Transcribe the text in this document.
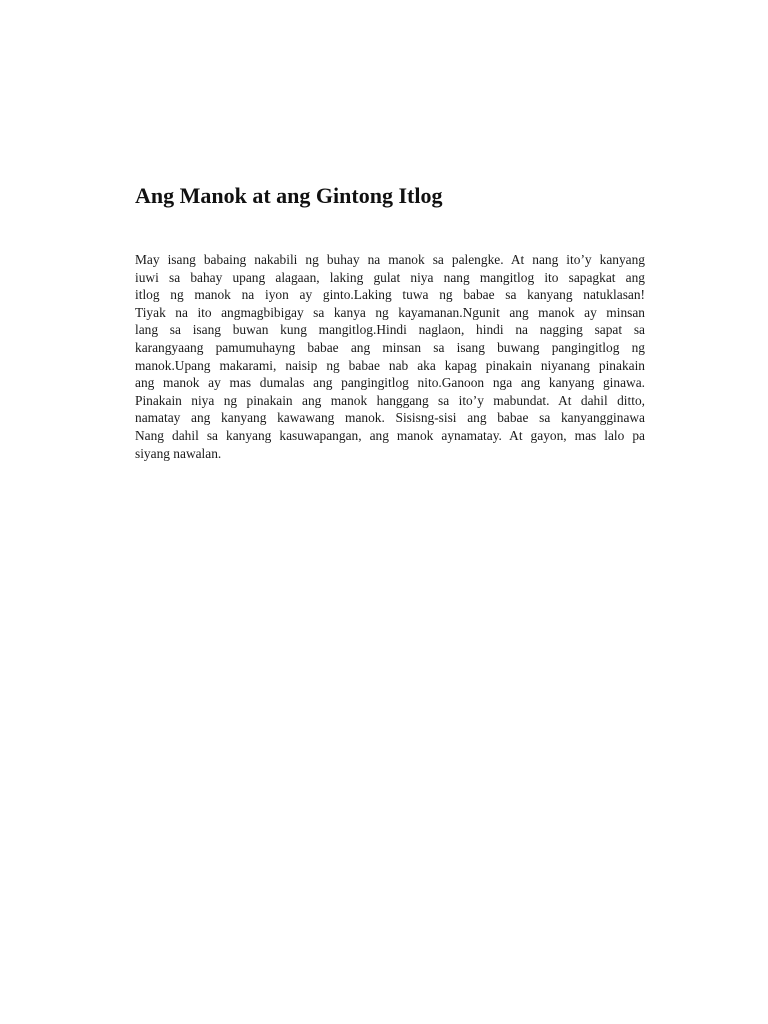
Ang Manok at ang Gintong Itlog
May isang babaing nakabili ng buhay na manok sa palengke. At nang ito’y kanyang
iuwi sa bahay upang alagaan, laking gulat niya nang mangitlog ito sapagkat ang
itlog ng manok na iyon ay ginto.Laking tuwa ng babae sa kanyang natuklasan!
Tiyak na ito angmagbibigay sa kanya ng kayamanan.Ngunit ang manok ay minsan
lang sa isang buwan kung mangitlog.Hindi naglaon, hindi na nagging sapat sa
karangyaang pamumuhayng babae ang minsan sa isang buwang pangingitlog ng
manok.Upang makarami, naisip ng babae nab aka kapag pinakain niyanang pinakain
ang manok ay mas dumalas ang pangingitlog nito.Ganoon nga ang kanyang ginawa.
Pinakain niya ng pinakain ang manok hanggang sa ito’y mabundat. At dahil ditto,
namatay ang kanyang kawawang manok. Sisisng-sisi ang babae sa kanyangginawa
Nang dahil sa kanyang kasuwapangan, ang manok aynamatay. At gayon, mas lalo pa
siyang nawalan.
